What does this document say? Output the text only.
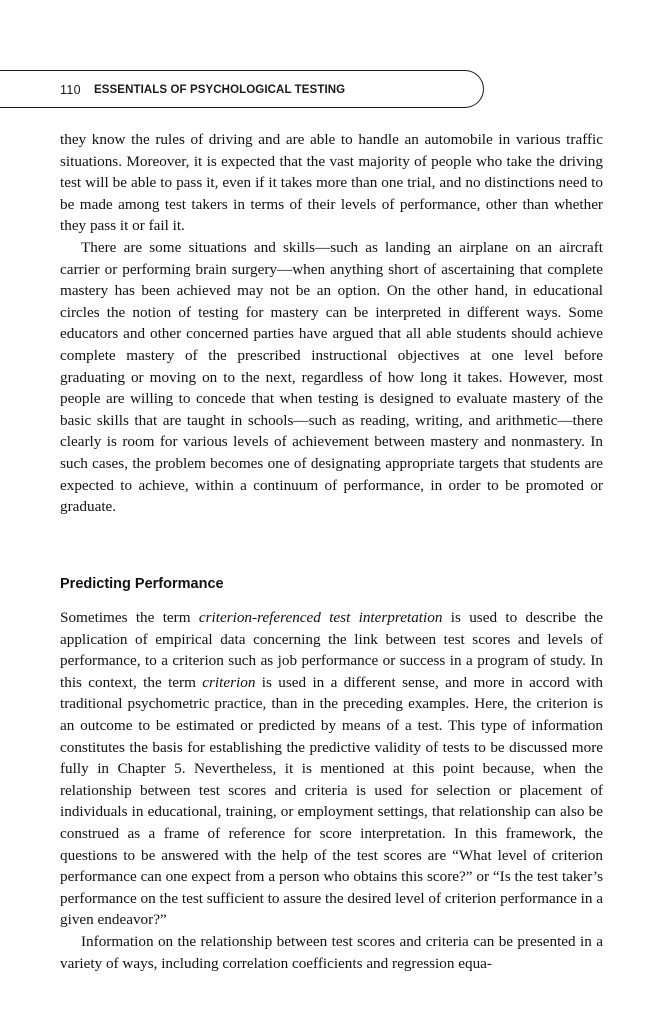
110 ESSENTIALS OF PSYCHOLOGICAL TESTING

they know the rules of driving and are able to handle an automobile in various traffic situations. Moreover, it is expected that the vast majority of people who take the driving test will be able to pass it, even if it takes more than one trial, and no distinctions need to be made among test takers in terms of their levels of performance, other than whether they pass it or fail it.

There are some situations and skills—such as landing an airplane on an aircraft carrier or performing brain surgery—when anything short of ascertaining that complete mastery has been achieved may not be an option. On the other hand, in educational circles the notion of testing for mastery can be interpreted in different ways. Some educators and other concerned parties have argued that all able students should achieve complete mastery of the prescribed instructional objectives at one level before graduating or moving on to the next, regardless of how long it takes. However, most people are willing to concede that when testing is designed to evaluate mastery of the basic skills that are taught in schools—such as reading, writing, and arithmetic—there clearly is room for various levels of achievement between mastery and nonmastery. In such cases, the problem becomes one of designating appropriate targets that students are expected to achieve, within a continuum of performance, in order to be promoted or graduate.

Predicting Performance

Sometimes the term criterion-referenced test interpretation is used to describe the application of empirical data concerning the link between test scores and levels of performance, to a criterion such as job performance or success in a program of study. In this context, the term criterion is used in a different sense, and more in accord with traditional psychometric practice, than in the preceding examples. Here, the criterion is an outcome to be estimated or predicted by means of a test. This type of information constitutes the basis for establishing the predictive validity of tests to be discussed more fully in Chapter 5. Nevertheless, it is mentioned at this point because, when the relationship between test scores and criteria is used for selection or placement of individuals in educational, training, or employment settings, that relationship can also be construed as a frame of reference for score interpretation. In this framework, the questions to be answered with the help of the test scores are “What level of criterion performance can one expect from a person who obtains this score?” or “Is the test taker’s performance on the test sufficient to assure the desired level of criterion performance in a given endeavor?”

Information on the relationship between test scores and criteria can be presented in a variety of ways, including correlation coefficients and regression equa-
